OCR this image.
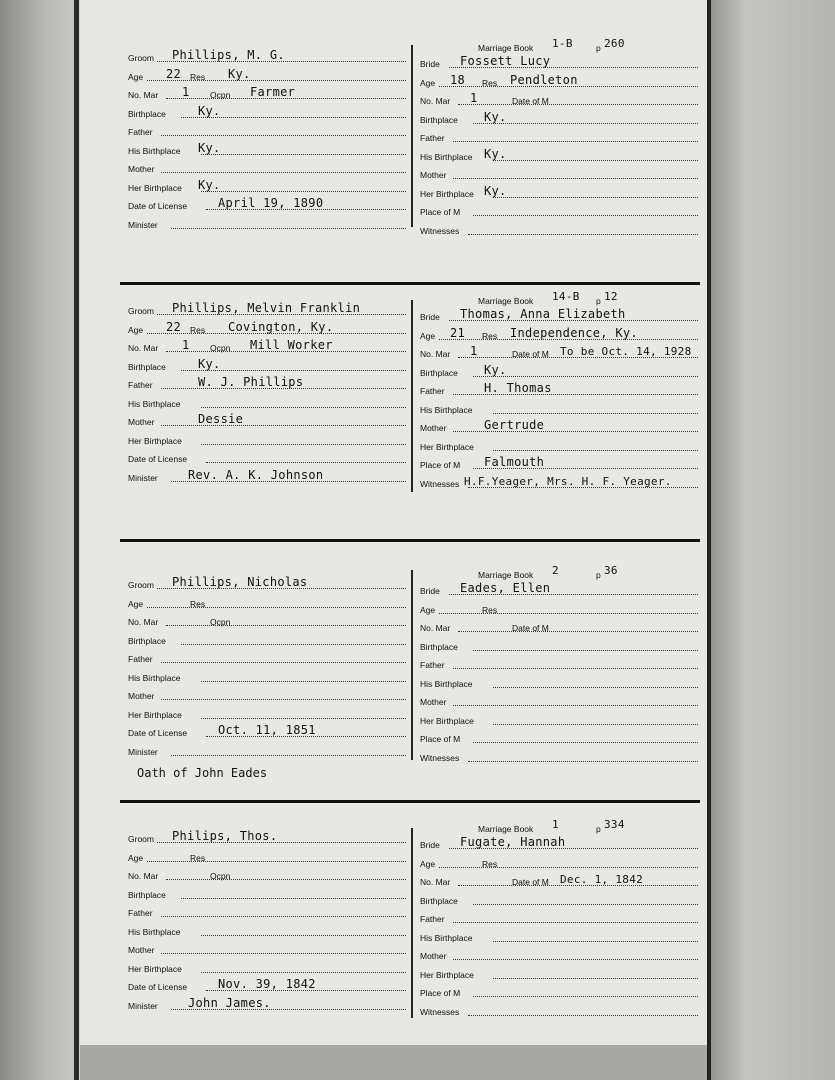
Marriage Book 1-B	p 260
Groom Phillips, M. G.
Age	Res
22	Ky.
No. Mar	Ocpn
1	Farmer
Birthplace	Ky.
Father
His Birthplace Ky.
Mother
Her Birthplace Ky.
Date of License	April 19, 1890
Minister
Bride Fossett Lucy
Age	Res
18	Pendleton
No. Mar	Date of M
1
Birthplace Ky.
Father
His Birthplace Ky.
Mother
Her Birthplace Ky.
Place of M
Witnesses
Marriage Book 14-B p 12
Groom Phillips, Melvin Franklin
Age	Res
22	Covington, Ky.
No. Mar	Ocpn
1	Mill Worker
Birthplace	Ky.
Father	W. J. Phillips
His Birthplace
Mother	Dessie
Her Birthplace
Date of License
Minister	Rev. A. K. Johnson
Bride Thomas, Anna Elizabeth
Age	Res
21	Independence, Ky.
No. Mar	Date of M
1	To be Oct. 14, 1928
Birthplace Ky.
Father	H. Thomas
His Birthplace
Mother	Gertrude
Her Birthplace
Place of M Falmouth
Witnesses H.F.Yeager, Mrs. H. F. Yeager.
Marriage Book 2	p 36
Groom Phillips, Nicholas
Age	Res
No. Mar	Ocpn
Birthplace
Father
His Birthplace
Mother
Her Birthplace
Date of License	Oct. 11, 1851
Minister
Bride Eades, Ellen
Age	Res
No. Mar	Date of M
Birthplace
Father
His Birthplace
Mother
Her Birthplace
Place of M
Witnesses
Oath of John Eades
Marriage Book 1	p 334
Groom Philips, Thos.
Age	Res
No. Mar	Ocpn
Birthplace
Father
His Birthplace
Mother
Her Birthplace
Date of License	Nov. 39, 1842
Minister	John James.
Bride Fugate, Hannah
Age	Res
No. Mar	Date of M Dec. 1, 1842
Birthplace
Father
His Birthplace
Mother
Her Birthplace
Place of M
Witnesses
